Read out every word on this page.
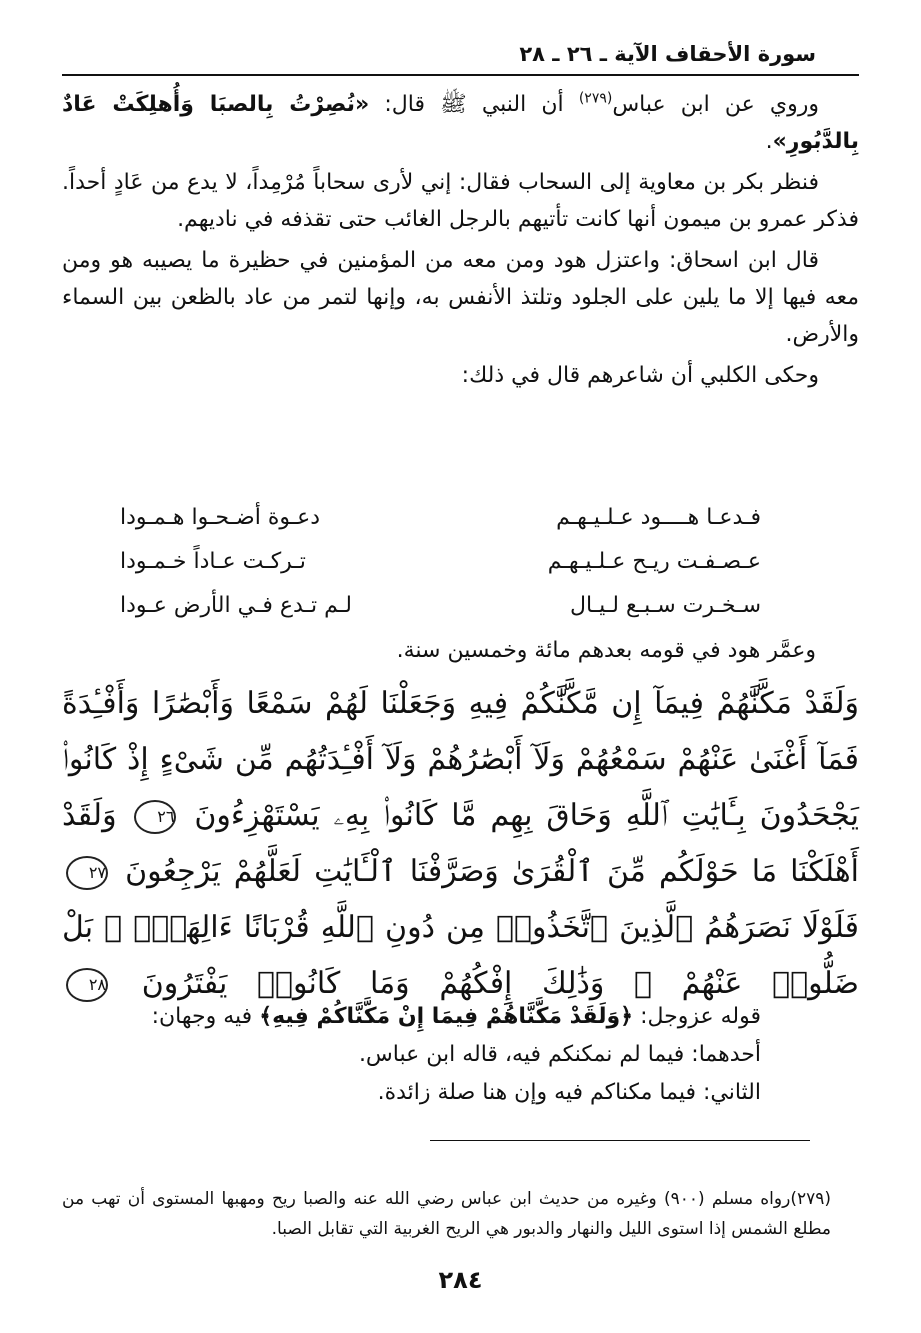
سورة الأحقاف الآية ـ ٢٦ ـ ٢٨

وروي عن ابن عباس$^{(٢٧٩)}$ أن النبي ﷺ قال: «نُصِرْتُ بِالصبَا وَأُهلِكَتْ عَادٌ بِالدَّبُورِ».

فنظر بكر بن معاوية إلى السحاب فقال: إني لأرى سحاباً مُرْمِداً، لا يدع من عَادٍ أحداً. فذكر عمرو بن ميمون أنها كانت تأتيهم بالرجل الغائب حتى تقذفه في ناديهم.

قال ابن اسحاق: واعتزل هود ومن معه من المؤمنين في حظيرة ما يصيبه هو ومن معه فيها إلا ما يلين على الجلود وتلتذ الأنفس به، وإنها لتمر من عاد بالظعن بين السماء والأرض.

وحكى الكلبي أن شاعرهم قال في ذلك:

فـدعـا هــــود عـلـيـهـم
دعـوة أضـحـوا هـمـودا
عـصـفـت ريـح عـلـيـهـم
تـركـت عـاداً خـمـودا
سـخـرت سـبـع لـيـال
لـم تـدع فـي الأرض عـودا
وعمَّر هود في قومه بعدهم مائة وخمسين سنة.
وَلَقَدْ مَكَّنَّٰهُمْ فِيمَآ إِن مَّكَّنَّٰكُمْ فِيهِ وَجَعَلْنَا لَهُمْ سَمْعًا وَأَبْصَٰرًا وَأَفْـِٔدَةً فَمَآ أَغْنَىٰ عَنْهُمْ سَمْعُهُمْ وَلَآ أَبْصَٰرُهُمْ وَلَآ أَفْـِٔدَتُهُم مِّن شَىْءٍ إِذْ كَانُوا۟ يَجْحَدُونَ بِـَٔايَٰتِ ٱللَّهِ وَحَاقَ بِهِم مَّا كَانُوا۟ بِهِۦ يَسْتَهْزِءُونَ ٢٦ وَلَقَدْ أَهْلَكْنَا مَا حَوْلَكُم مِّنَ ٱلْقُرَىٰ وَصَرَّفْنَا ٱلْـَٔايَٰتِ لَعَلَّهُمْ يَرْجِعُونَ ٢٧ فَلَوْلَا نَصَرَهُمُ ٱلَّذِينَ ٱتَّخَذُوا۟ مِن دُونِ ٱللَّهِ قُرْبَانًا ءَالِهَةًۢ ۖ بَلْ ضَلُّوا۟ عَنْهُمْ ۚ وَذَٰلِكَ إِفْكُهُمْ وَمَا كَانُوا۟ يَفْتَرُونَ ٢٨

قوله عزوجل: ﴿وَلَقَدْ مَكَّنَّاهُمْ فِيمَا إِنْ مَكَّنَّاكُمْ فِيهِ﴾ فيه وجهان:

أحدهما: فيما لم نمكنكم فيه، قاله ابن عباس.

الثاني: فيما مكناكم فيه وإن هنا صلة زائدة.

(٢٧٩)رواه مسلم (٩٠٠) وغيره من حديث ابن عباس رضي الله عنه والصبا ريح ومهبها المستوى أن تهب من مطلع الشمس إذا استوى الليل والنهار والدبور هي الريح الغربية التي تقابل الصبا.
٢٨٤
